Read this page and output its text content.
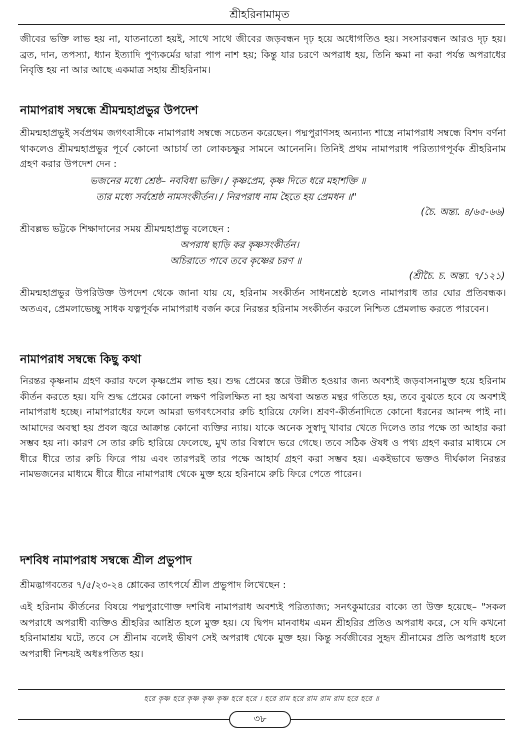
শ্রীহরিনামামৃত

জীবের ভক্তি লাভ হয় না, যাতনাতো হয়ই, সাথে সাথে জীবের জড়বন্ধন দৃঢ় হয়ে অধোগতিও হয়। সংসারবন্ধন আরও দৃঢ় হয়। ব্রত, দান, তপস্যা, ধ্যান ইত্যাদি পুণ্যকর্মের দ্বারা পাপ নাশ হয়; কিন্তু যার চরণে অপরাধ হয়, তিনি ক্ষমা না করা পর্যন্ত অপরাধের নিবৃত্তি হয় না আর আছে একমাত্র সহায় শ্রীহরিনাম।

নামাপরাধ সম্বন্ধে শ্রীমন্মহাপ্রভুর উপদেশ

শ্রীমন্মহাপ্রভুই সর্বপ্রথম জগৎবাসীকে নামাপরাধ সম্বন্ধে সচেতন করেছেন। পদ্মপুরাণসহ অন্যান্য শাস্ত্রে নামাপরাধ সম্বন্ধে বিশদ বর্ণনা থাকলেও শ্রীমন্মহাপ্রভুর পূর্বে কোনো আচার্য তা লোকচক্ষুর সামনে আনেননি। তিনিই প্রথম নামাপরাধ পরিত্যাগপূর্বক শ্রীহরিনাম গ্রহণ করার উপদেশ দেন :

ভজনের মধ্যে শ্রেষ্ঠ– নববিধা ভক্তি। / কৃষ্ণপ্রেম, কৃষ্ণ দিতে ধরে মহাশক্তি ॥
তার মধ্যে সর্বশ্রেষ্ঠ নামসংকীর্তন। / নিরপরাধ নাম হৈতে হয় প্রেমধন ॥"
(চৈ. অন্ত্য. ৪/৬৫-৬৬)

শ্রীবল্লভ ভট্টকে শিক্ষাদানের সময় শ্রীমন্মহাপ্রভু বলেছেন :

অপরাধ ছাড়ি কর কৃষ্ণসংকীর্তন।
অচিরাতে পাবে তবে কৃষ্ণের চরণ ॥
(শ্রীচৈ. চ. অন্ত্য. ৭/১২১)

শ্রীমন্মহাপ্রভুর উপরিউক্ত উপদেশ থেকে জানা যায় যে, হরিনাম সংকীর্তন সাধনশ্রেষ্ঠ হলেও নামাপরাধ তার ঘোর প্রতিবন্ধক। অতএব, প্রেমলাভেচ্ছু সাধক যত্নপূর্বক নামাপরাধ বর্জন করে নিরন্তর হরিনাম সংকীর্তন করলে নিশ্চিত প্রেমলাভ করতে পারবেন।

নামাপরাধ সম্বন্ধে কিছু কথা

নিরন্তর কৃষ্ণনাম গ্রহণ করার ফলে কৃষ্ণপ্রেম লাভ হয়। শুদ্ধ প্রেমের স্তরে উন্নীত হওয়ার জন্য অবশ্যই জড়বাসনামুক্ত হয়ে হরিনাম কীর্তন করতে হয়। যদি শুদ্ধ প্রেমের কোনো লক্ষণ পরিলক্ষিত না হয় অথবা অন্তত মন্থর গতিতে হয়, তবে বুঝতে হবে যে অবশ্যই নামাপরাধ হচ্ছে। নামাপরাধের ফলে আমরা ভগবৎসেবার রুচি হারিয়ে ফেলি। শ্রবণ-কীর্তনাদিতে কোনো ধরনের আনন্দ পাই না। আমাদের অবস্থা হয় প্রবল জ্বরে আক্রান্ত কোনো ব্যক্তির ন্যায়। যাকে অনেক সুস্বাদু খাবার খেতে দিলেও তার পক্ষে তা আহার করা সম্ভব হয় না। কারণ সে তার রুচি হারিয়ে ফেলেছে, মুখ তার বিস্বাদে ভরে গেছে। তবে সঠিক ঔষধ ও পথ্য গ্রহণ করার মাধ্যমে সে ধীরে ধীরে তার রুচি ফিরে পায় এবং তারপরই তার পক্ষে আহার্য গ্রহণ করা সম্ভব হয়। একইভাবে ভক্তও দীর্ঘকাল নিরন্তর নামভজনের মাধ্যমে ধীরে ধীরে নামাপরাধ থেকে মুক্ত হয়ে হরিনামে রুচি ফিরে পেতে পারেন।

দশবিধ নামাপরাধ সম্বন্ধে শ্রীল প্রভুপাদ

শ্রীমদ্ভাগবতের ৭/৫/২৩-২৪ শ্লোকের তাৎপর্যে শ্রীল প্রভুপাদ লিখেছেন :

এই হরিনাম কীর্তনের বিষয়ে পদ্মপুরাণোক্ত দশবিধ নামাপরাধ অবশ্যই পরিত্যাজ্য; সনৎকুমারের বাক্যে তা উক্ত হয়েছে– "সকল অপরাধে অপরাধী ব্যক্তিও শ্রীহরির আশ্রিত হলে মুক্ত হয়। যে দ্বিপদ মানবাধম এমন শ্রীহরির প্রতিও অপরাধ করে, সে যদি কখনো হরিনামাশ্রয় ঘটে, তবে সে শ্রীনাম বলেই ভীষণ সেই অপরাধ থেকে মুক্ত হয়। কিন্তু সর্বজীবের সুহৃদ শ্রীনামের প্রতি অপরাধ হলে অপরাধী নিশ্চয়ই অধঃপতিত হয়।

হরে কৃষ্ণ হরে কৃষ্ণ কৃষ্ণ কৃষ্ণ হরে হরে । হরে রাম হরে রাম রাম রাম হরে হরে ॥
৩৮
